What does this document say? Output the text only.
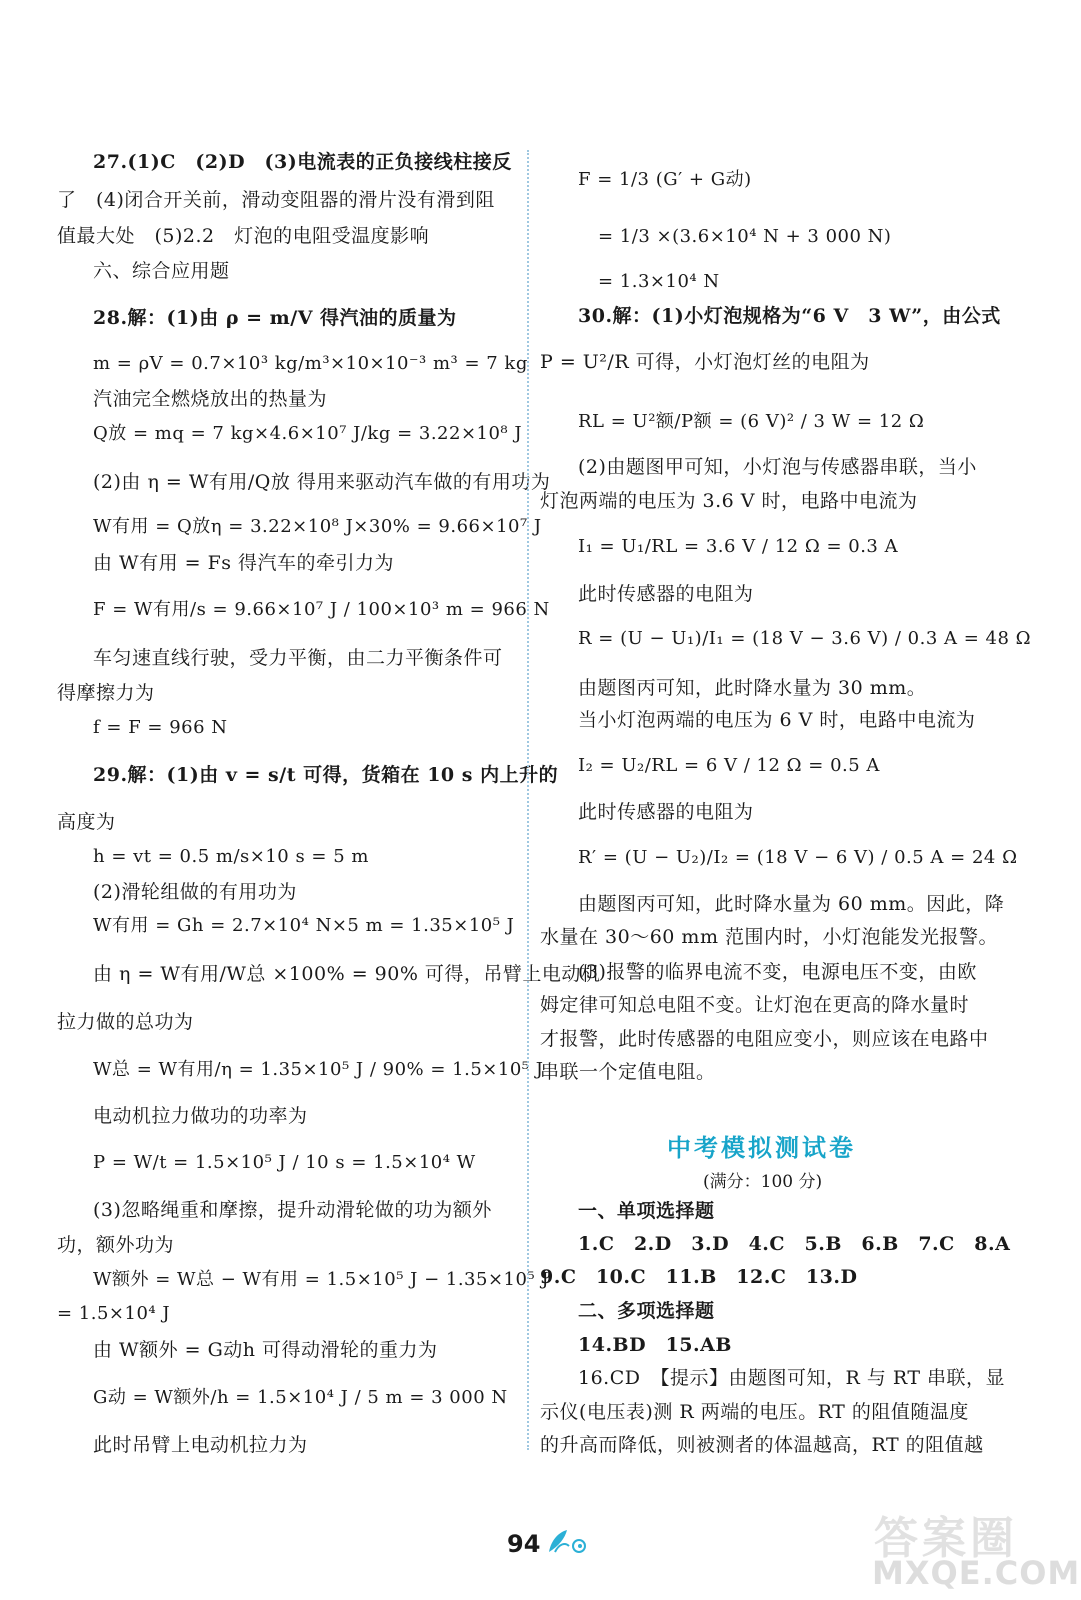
27.(1)C　(2)D　(3)电流表的正负接线柱接反
了　(4)闭合开关前，滑动变阻器的滑片没有滑到阻
值最大处　(5)2.2　灯泡的电阻受温度影响
六、综合应用题
28.解：(1)由 ρ = m/V 得汽油的质量为
m = ρV = 0.7×10³ kg/m³×10×10⁻³ m³ = 7 kg
汽油完全燃烧放出的热量为
Q放 = mq = 7 kg×4.6×10⁷ J/kg = 3.22×10⁸ J
(2)由 η = W有用/Q放 得用来驱动汽车做的有用功为
W有用 = Q放η = 3.22×10⁸ J×30% = 9.66×10⁷ J
由 W有用 = Fs 得汽车的牵引力为
F = W有用/s = 9.66×10⁷ J / 100×10³ m = 966 N
车匀速直线行驶，受力平衡，由二力平衡条件可
得摩擦力为
f = F = 966 N
29.解：(1)由 v = s/t 可得，货箱在 10 s 内上升的
高度为
h = vt = 0.5 m/s×10 s = 5 m
(2)滑轮组做的有用功为
W有用 = Gh = 2.7×10⁴ N×5 m = 1.35×10⁵ J
由 η = W有用/W总 ×100% = 90% 可得，吊臂上电动机
拉力做的总功为
W总 = W有用/η = 1.35×10⁵ J / 90% = 1.5×10⁵ J
电动机拉力做功的功率为
P = W/t = 1.5×10⁵ J / 10 s = 1.5×10⁴ W
(3)忽略绳重和摩擦，提升动滑轮做的功为额外
功，额外功为
W额外 = W总 − W有用 = 1.5×10⁵ J − 1.35×10⁵ J
= 1.5×10⁴ J
由 W额外 = G动h 可得动滑轮的重力为
G动 = W额外/h = 1.5×10⁴ J / 5 m = 3 000 N
此时吊臂上电动机拉力为
F = 1/3 (G′ + G动)
= 1/3 ×(3.6×10⁴ N + 3 000 N)
= 1.3×10⁴ N
30.解：(1)小灯泡规格为“6 V　3 W”，由公式
P = U²/R 可得，小灯泡灯丝的电阻为
RL = U²额/P额 = (6 V)² / 3 W = 12 Ω
(2)由题图甲可知，小灯泡与传感器串联，当小
灯泡两端的电压为 3.6 V 时，电路中电流为
I₁ = U₁/RL = 3.6 V / 12 Ω = 0.3 A
此时传感器的电阻为
R = (U − U₁)/I₁ = (18 V − 3.6 V) / 0.3 A = 48 Ω
由题图丙可知，此时降水量为 30 mm。
当小灯泡两端的电压为 6 V 时，电路中电流为
I₂ = U₂/RL = 6 V / 12 Ω = 0.5 A
此时传感器的电阻为
R′ = (U − U₂)/I₂ = (18 V − 6 V) / 0.5 A = 24 Ω
由题图丙可知，此时降水量为 60 mm。因此，降
水量在 30～60 mm 范围内时，小灯泡能发光报警。
(3)报警的临界电流不变，电源电压不变，由欧
姆定律可知总电阻不变。让灯泡在更高的降水量时
才报警，此时传感器的电阻应变小，则应该在电路中
串联一个定值电阻。
中考模拟测试卷
(满分：100 分)
一、单项选择题
1.C　2.D　3.D　4.C　5.B　6.B　7.C　8.A
9.C　10.C　11.B　12.C　13.D
二、多项选择题
14.BD　15.AB
16.CD　【提示】由题图可知，R 与 RT 串联，显
示仪(电压表)测 R 两端的电压。RT 的阻值随温度
的升高而降低，则被测者的体温越高，RT 的阻值越
94	答案圈
MXQE.COM
